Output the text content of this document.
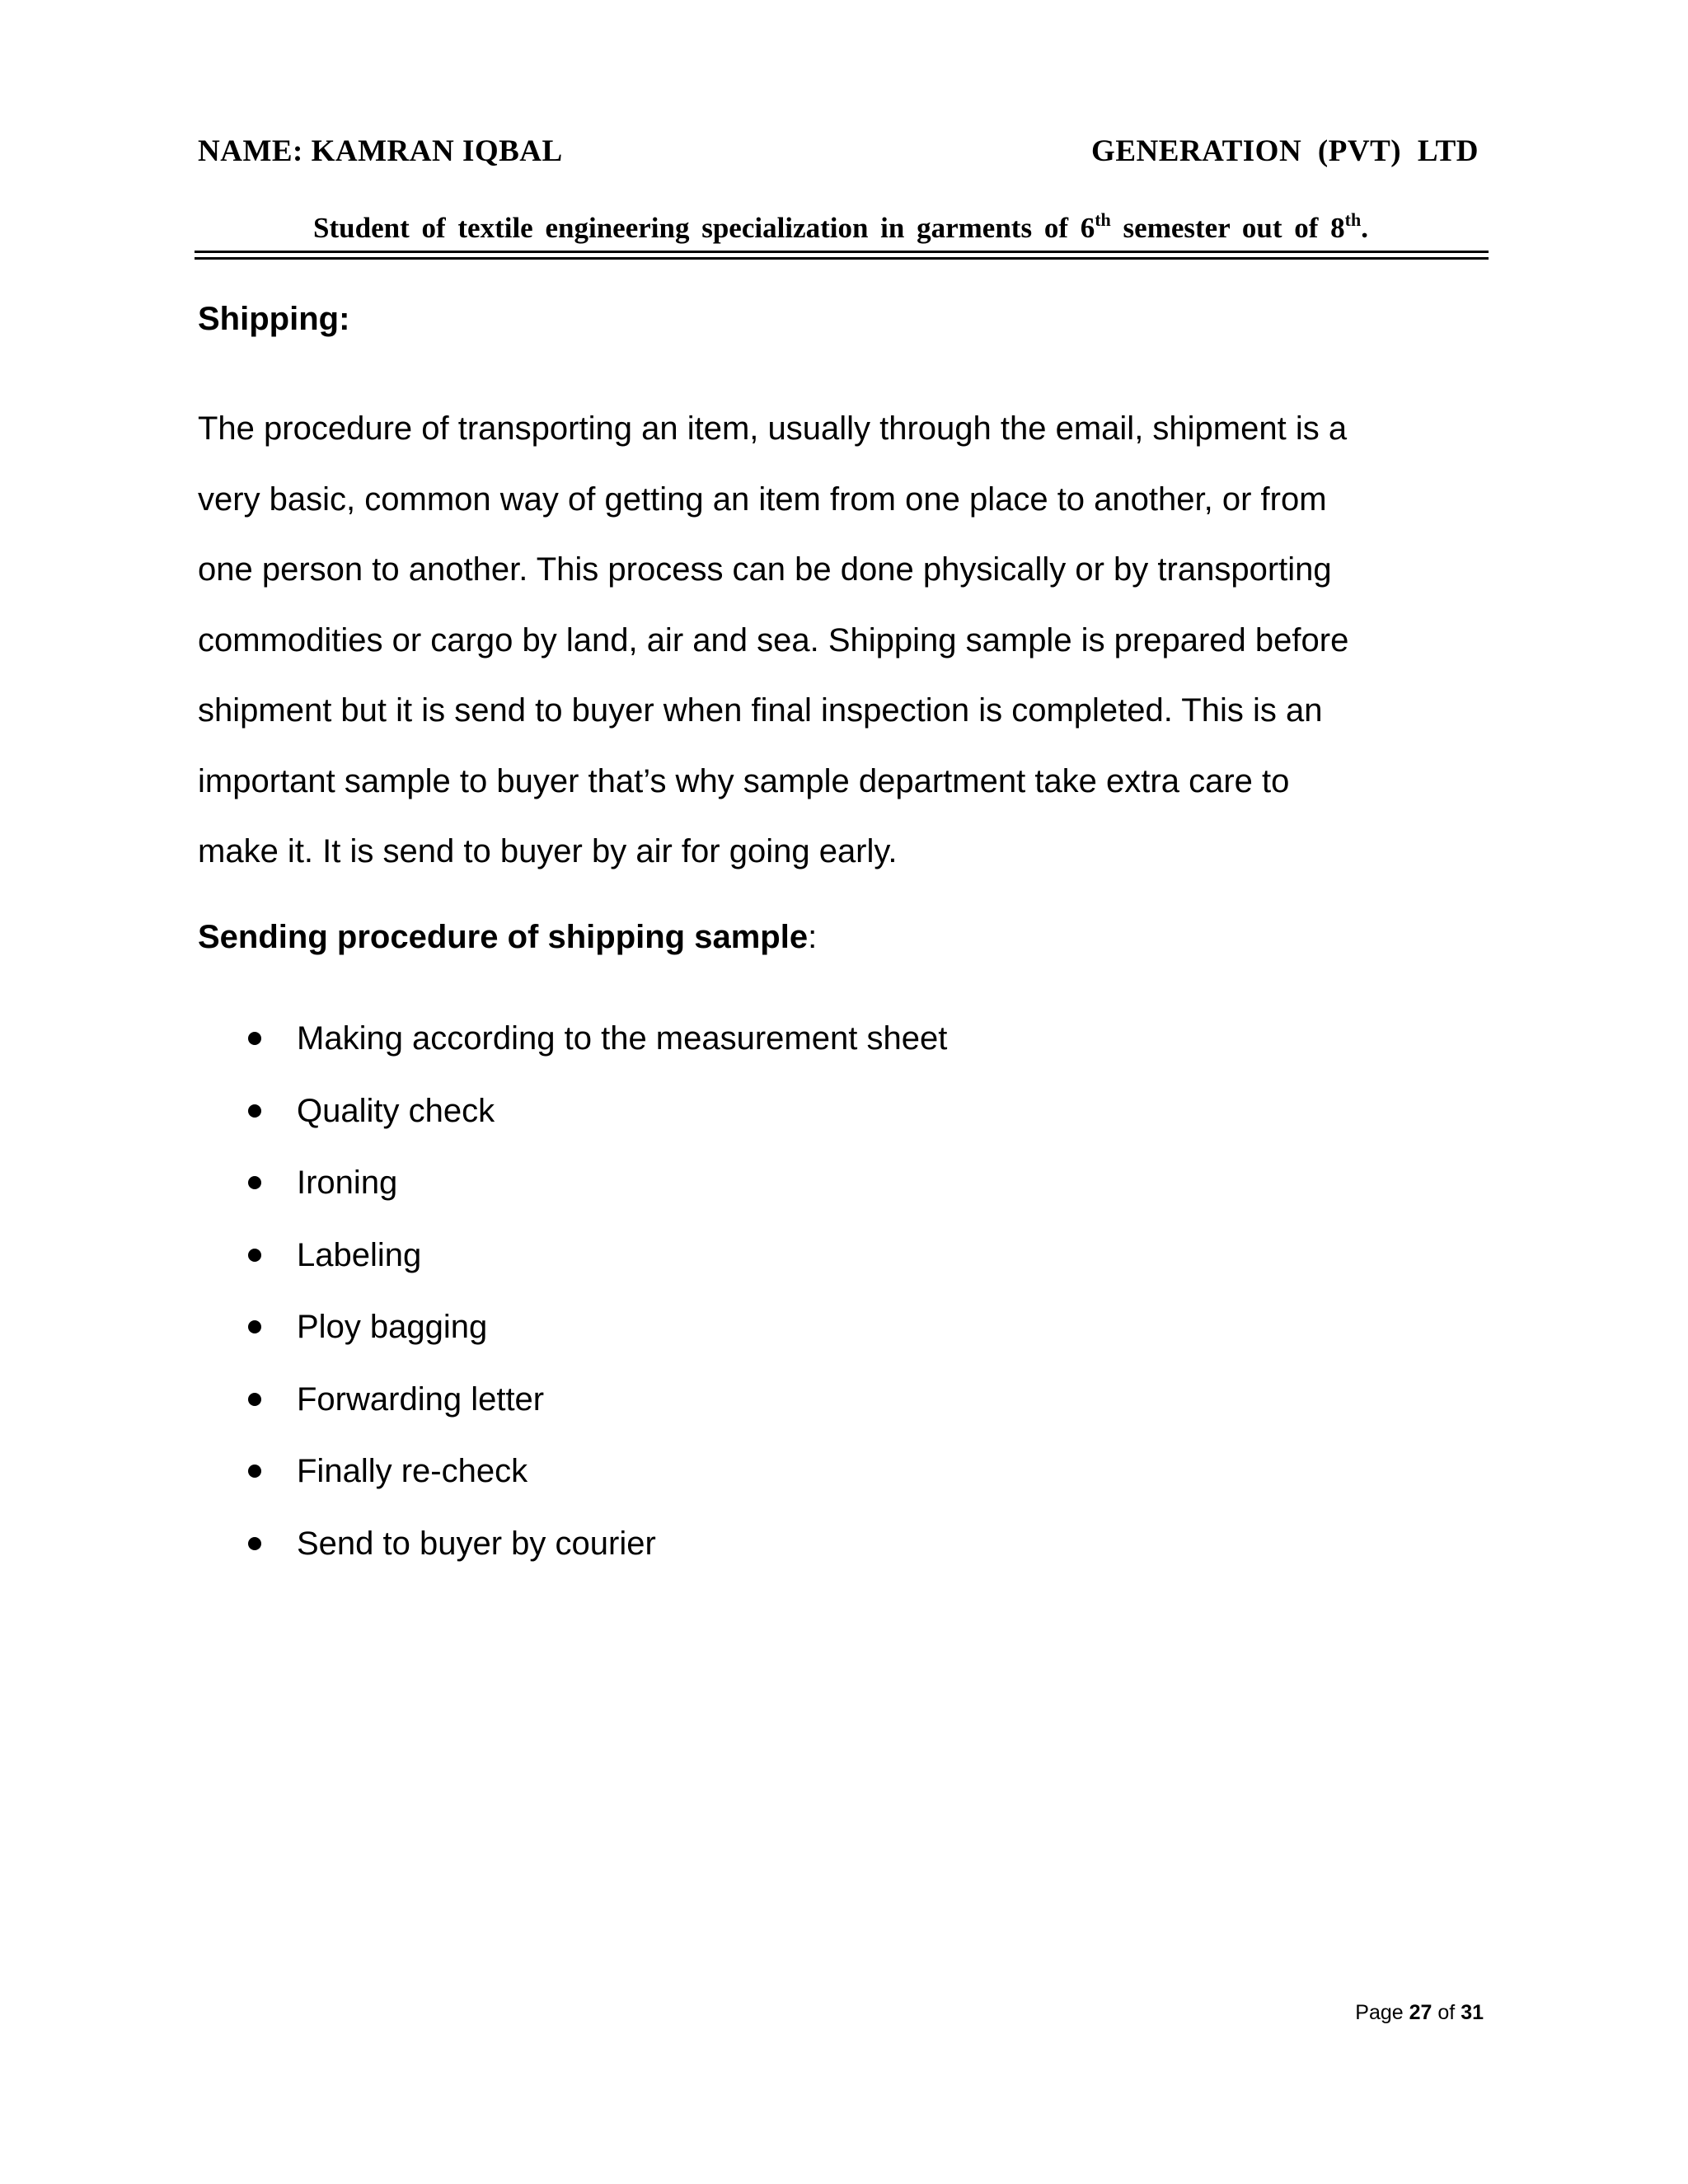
NAME: KAMRAN IQBAL	GENERATION (PVT) LTD
Student of textile engineering specialization in garments of 6th semester out of 8th.
Shipping:
The procedure of transporting an item, usually through the email, shipment is a
very basic, common way of getting an item from one place to another, or from
one person to another. This process can be done physically or by transporting
commodities or cargo by land, air and sea. Shipping sample is prepared before
shipment but it is send to buyer when final inspection is completed. This is an
important sample to buyer that’s why sample department take extra care to
make it. It is send to buyer by air for going early.
Sending procedure of shipping sample:
Making according to the measurement sheet
Quality check
Ironing
Labeling
Ploy bagging
Forwarding letter
Finally re-check
Send to buyer by courier
Page 27 of 31
